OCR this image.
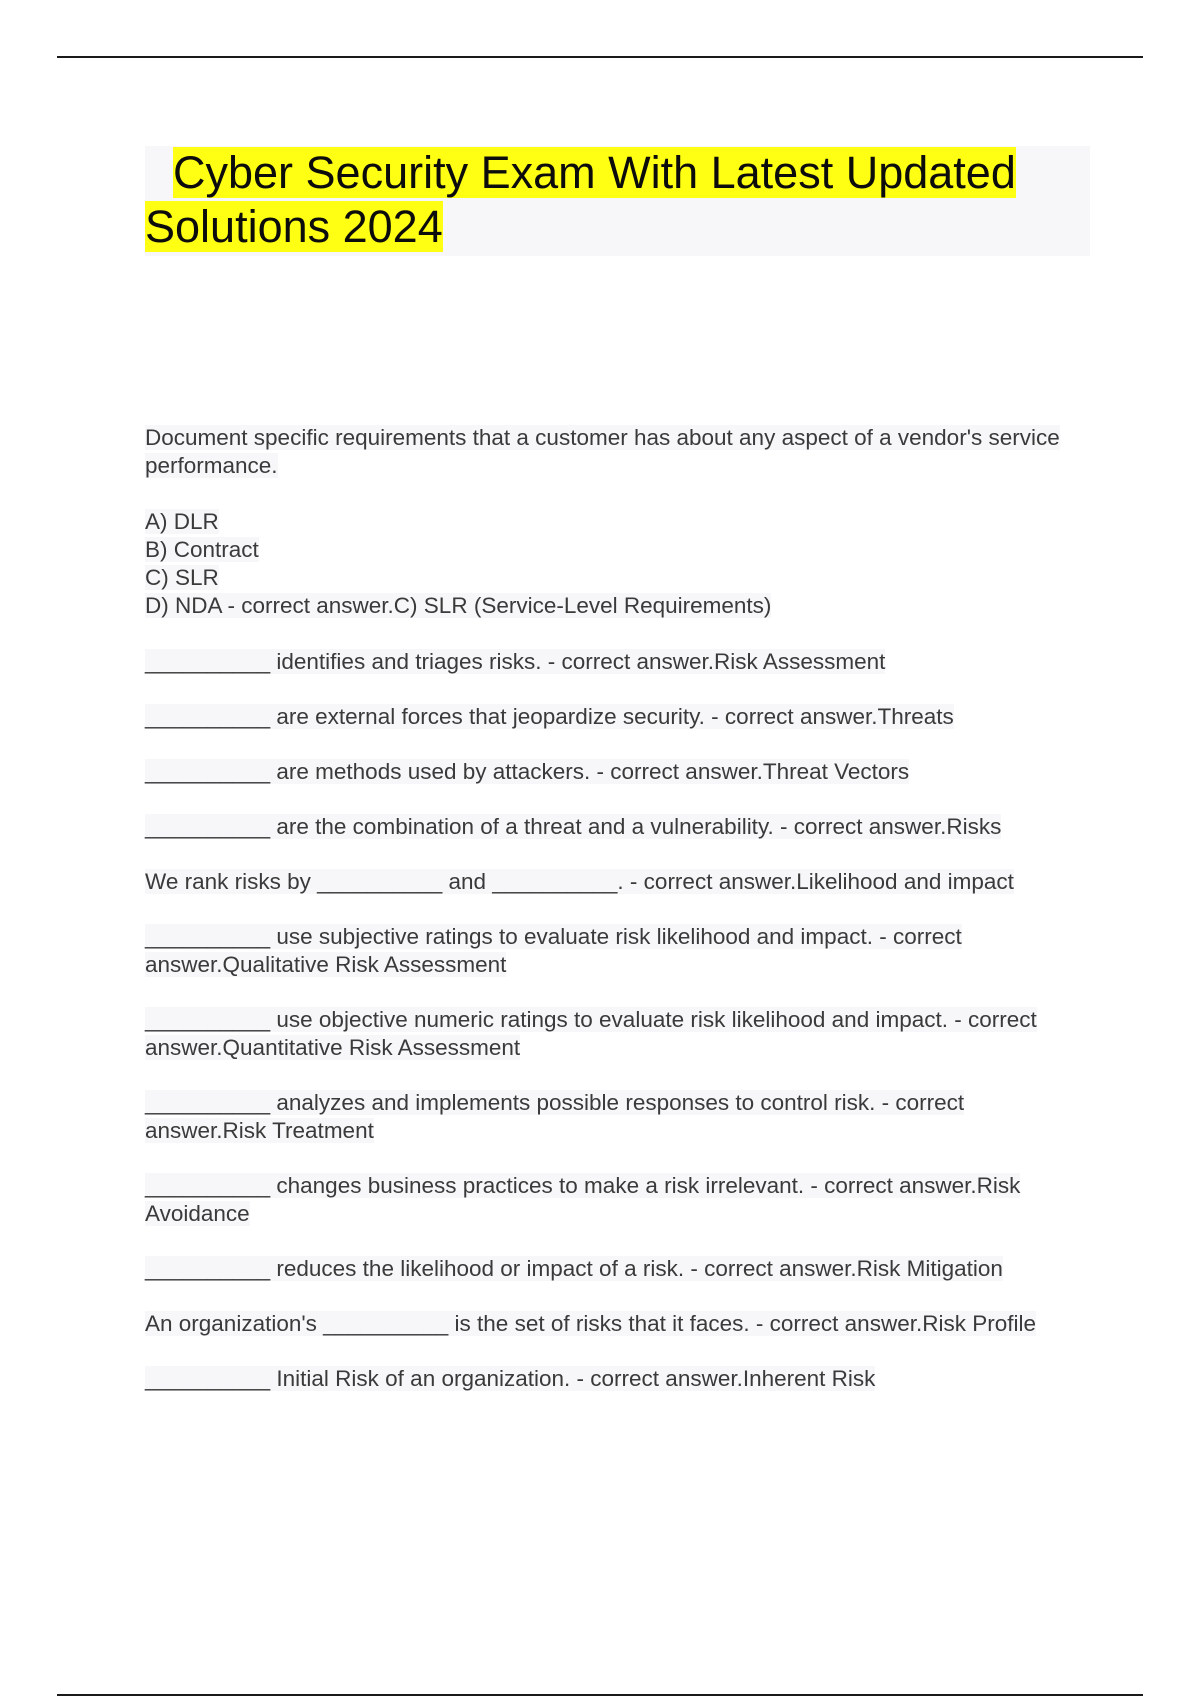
Cyber Security Exam With Latest Updated Solutions 2024

Document specific requirements that a customer has about any aspect of a vendor's service performance.

A) DLR

B) Contract

C) SLR

D) NDA - correct answer.C) SLR (Service-Level Requirements)

__________ identifies and triages risks. - correct answer.Risk Assessment

__________ are external forces that jeopardize security. - correct answer.Threats

__________ are methods used by attackers. - correct answer.Threat Vectors

__________ are the combination of a threat and a vulnerability. - correct answer.Risks

We rank risks by __________ and __________. - correct answer.Likelihood and impact

__________ use subjective ratings to evaluate risk likelihood and impact. - correct answer.Qualitative Risk Assessment

__________ use objective numeric ratings to evaluate risk likelihood and impact. - correct answer.Quantitative Risk Assessment

__________ analyzes and implements possible responses to control risk. - correct answer.Risk Treatment

__________ changes business practices to make a risk irrelevant. - correct answer.Risk Avoidance

__________ reduces the likelihood or impact of a risk. - correct answer.Risk Mitigation

An organization's __________ is the set of risks that it faces. - correct answer.Risk Profile

__________ Initial Risk of an organization. - correct answer.Inherent Risk
